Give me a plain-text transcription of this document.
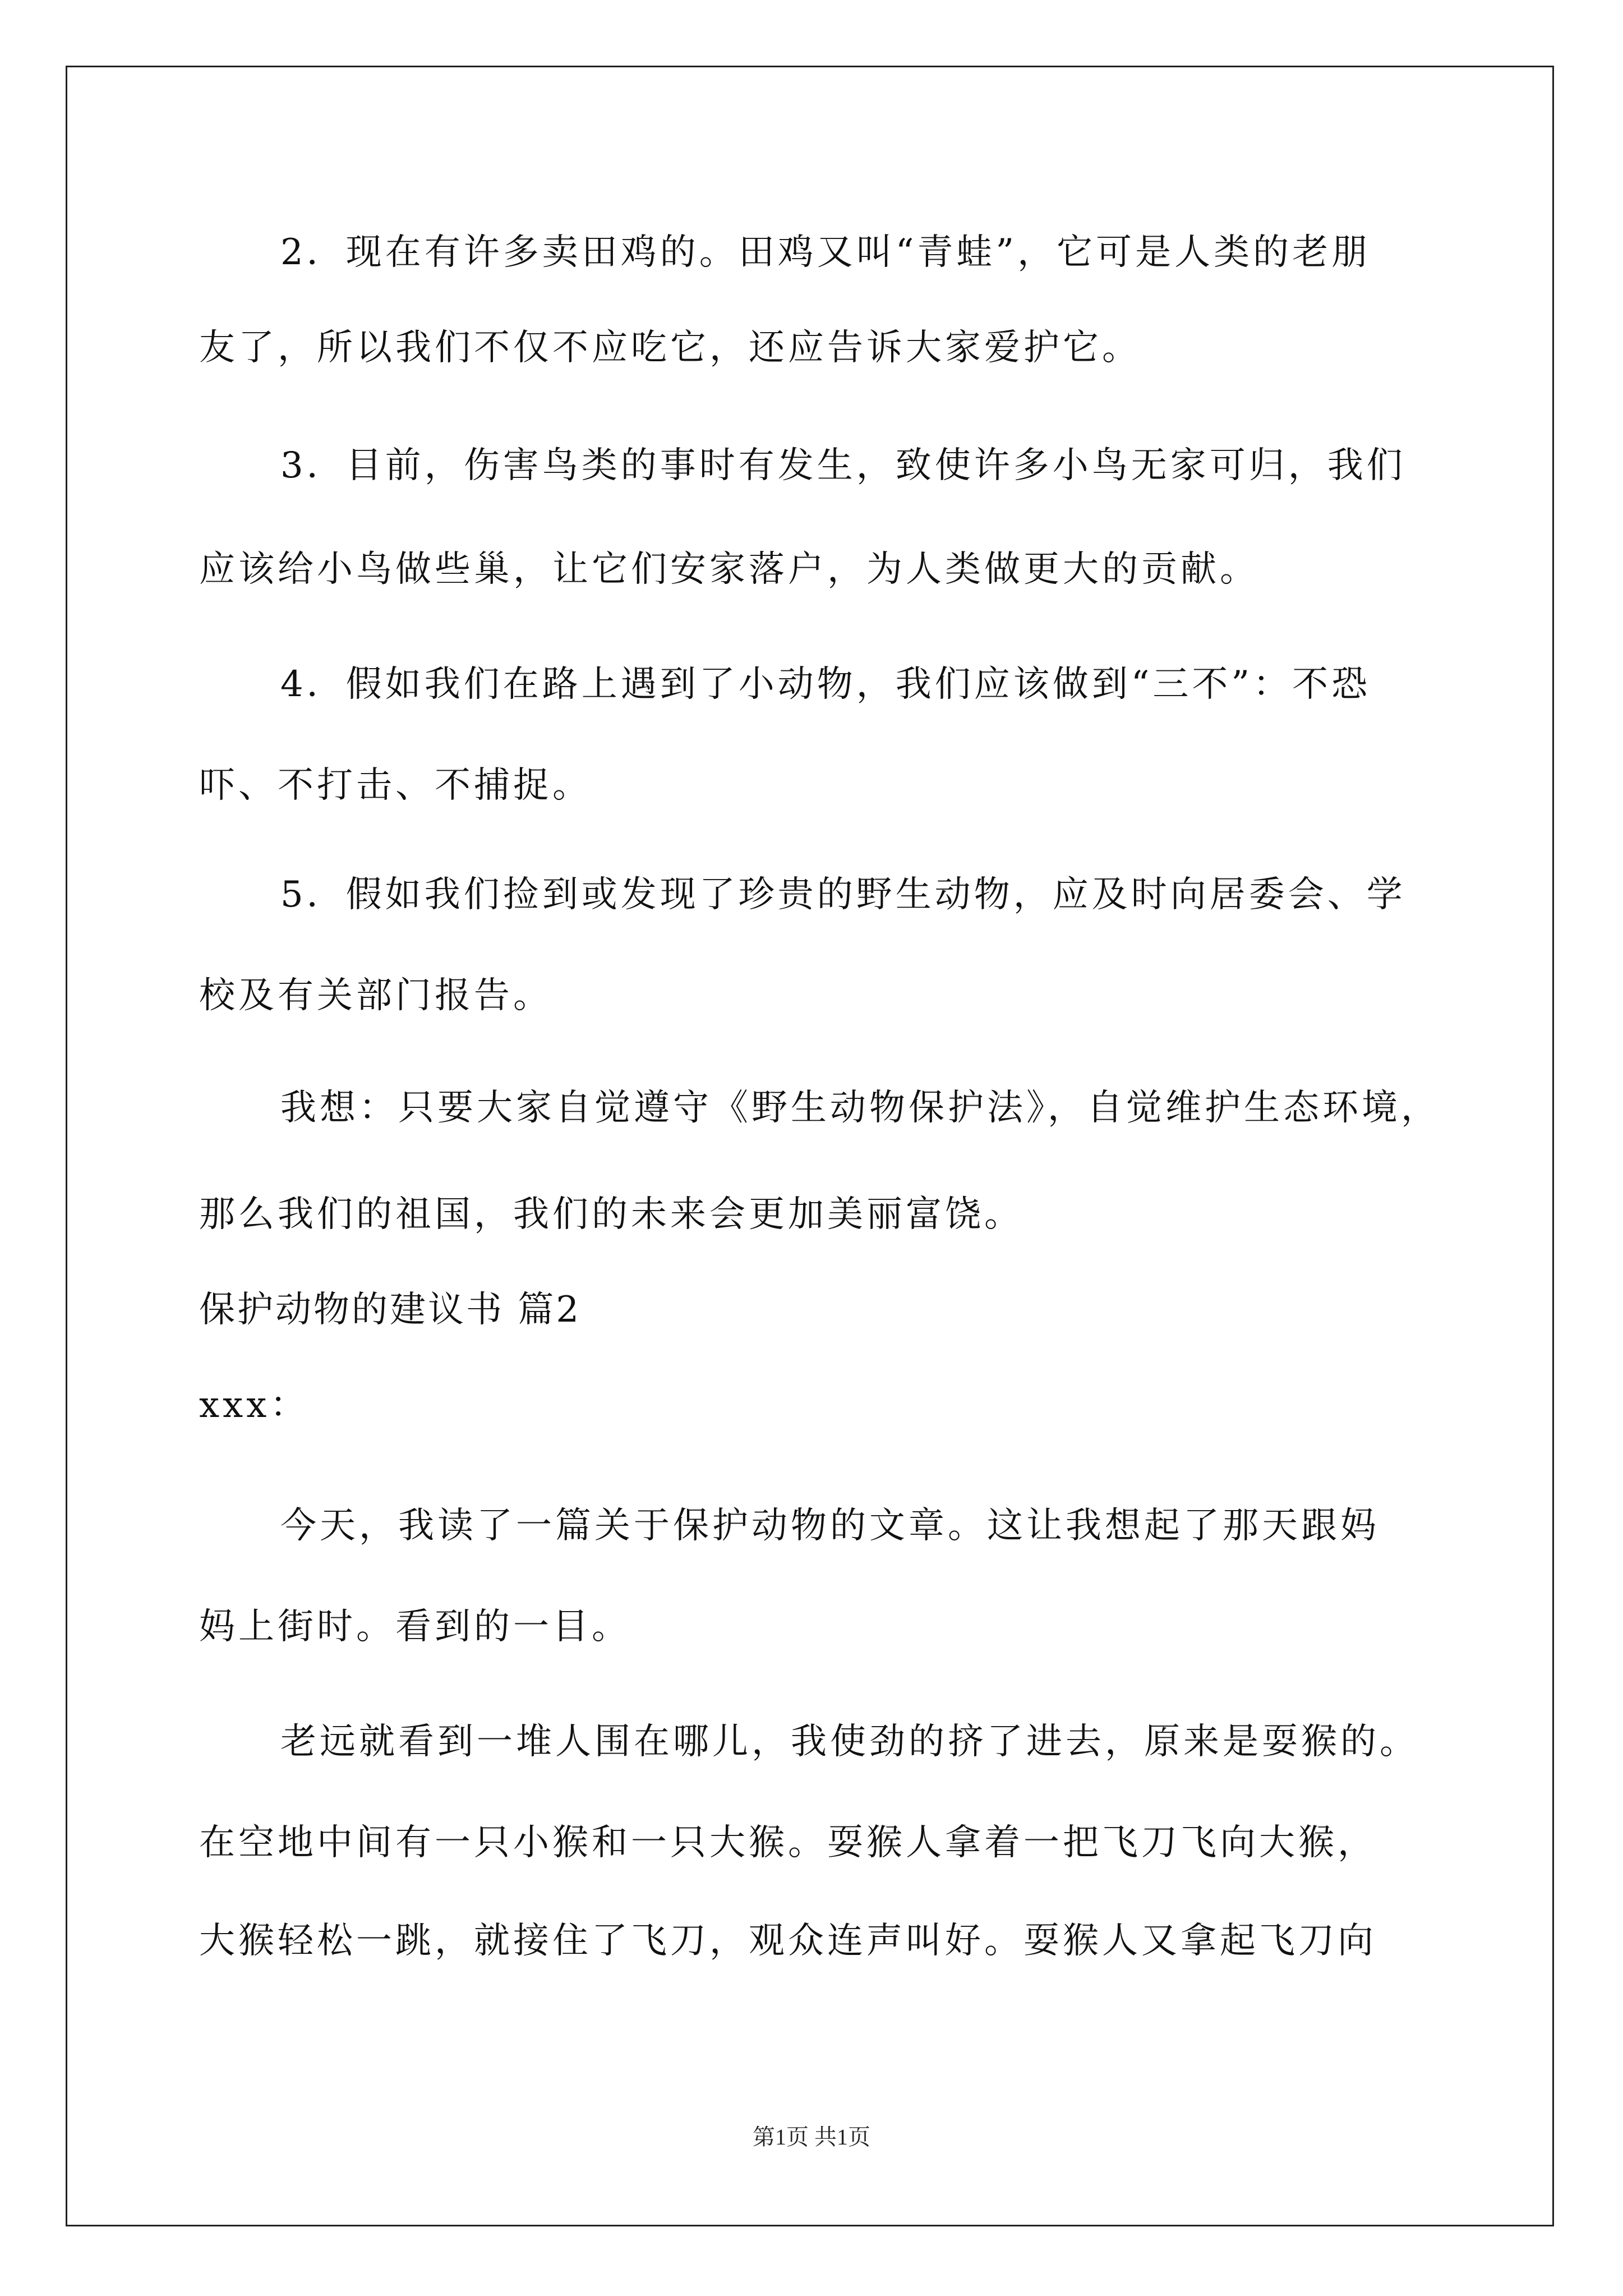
2．现在有许多卖田鸡的。田鸡又叫“青蛙”，它可是人类的老朋
友了，所以我们不仅不应吃它，还应告诉大家爱护它。
3．目前，伤害鸟类的事时有发生，致使许多小鸟无家可归，我们
应该给小鸟做些巢，让它们安家落户，为人类做更大的贡献。
4．假如我们在路上遇到了小动物，我们应该做到“三不”：不恐
吓、不打击、不捕捉。
5．假如我们捡到或发现了珍贵的野生动物，应及时向居委会、学
校及有关部门报告。
我想：只要大家自觉遵守《野生动物保护法》，自觉维护生态环境，
那么我们的祖国，我们的未来会更加美丽富饶。
保护动物的建议书 篇2
xxx：
今天，我读了一篇关于保护动物的文章。这让我想起了那天跟妈
妈上街时。看到的一目。
老远就看到一堆人围在哪儿，我使劲的挤了进去，原来是耍猴的。
在空地中间有一只小猴和一只大猴。耍猴人拿着一把飞刀飞向大猴，
大猴轻松一跳，就接住了飞刀，观众连声叫好。耍猴人又拿起飞刀向
第1页 共1页
